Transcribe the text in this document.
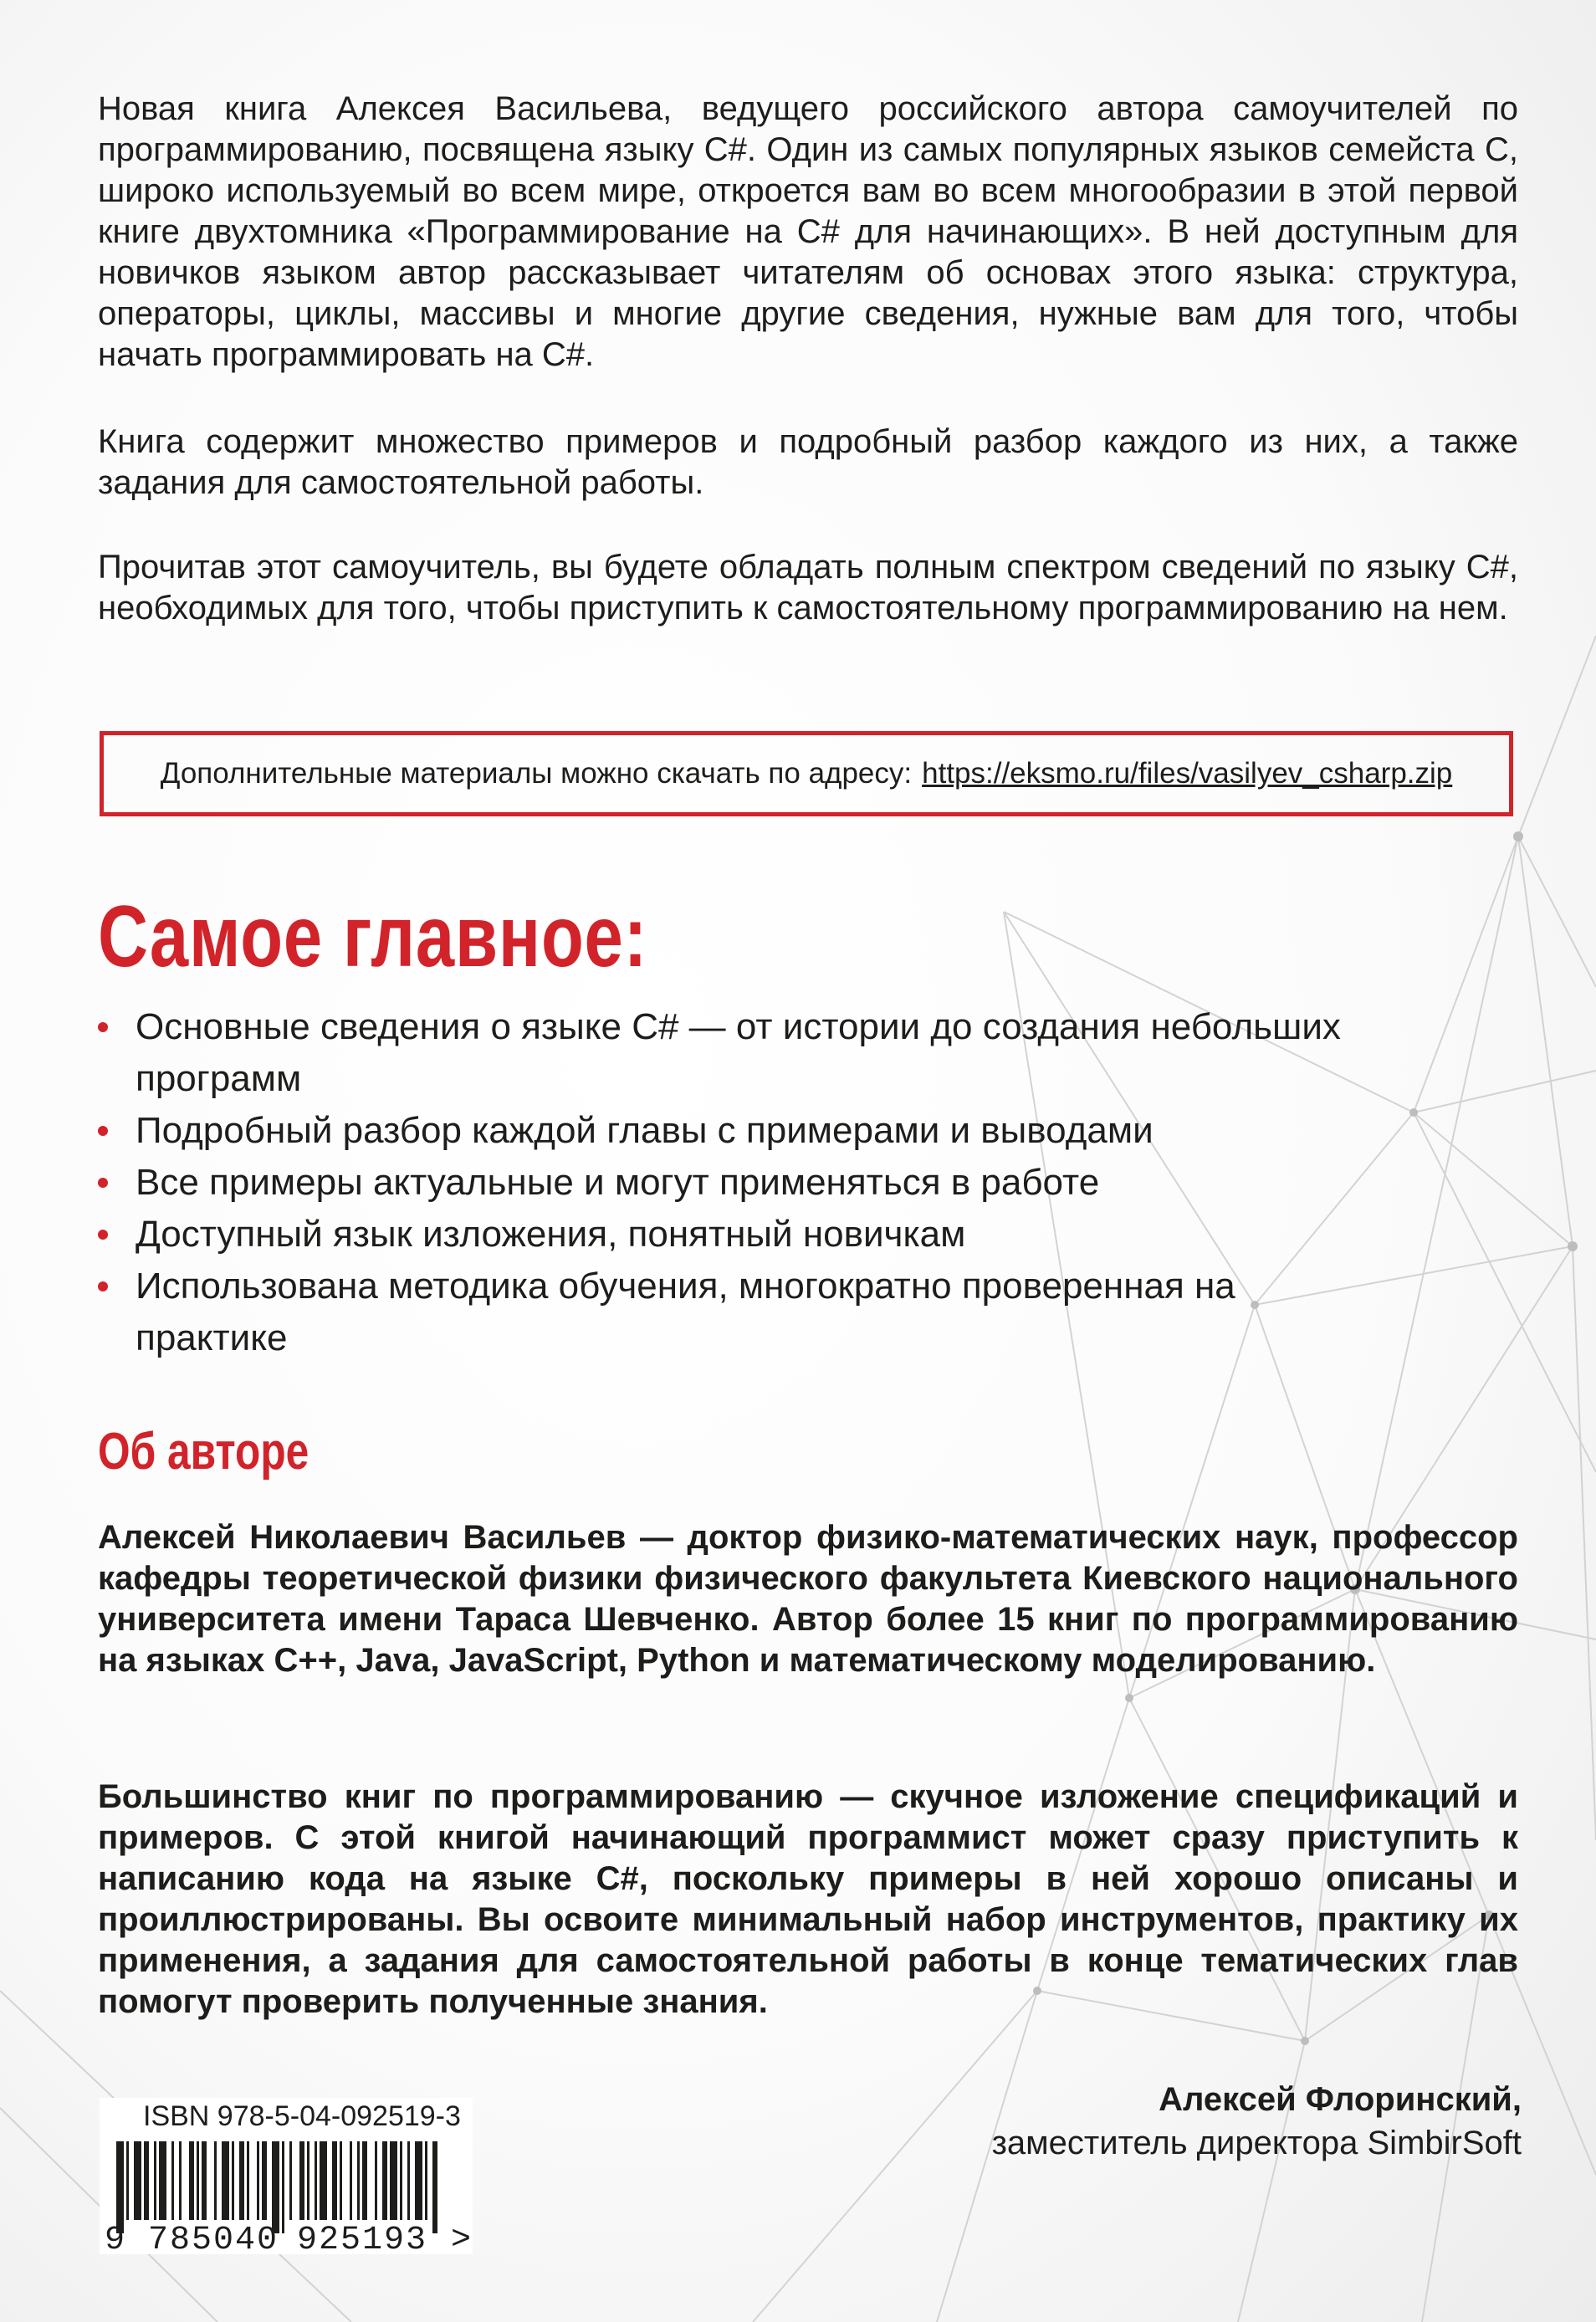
Новая книга Алексея Васильева, ведущего российского автора самоучителей по программированию, посвящена языку C#. Один из самых популярных языков семейста C, широко используемый во всем мире, откроется вам во всем многообразии в этой первой книге двухтомника «Программирование на C# для начинающих». В ней доступным для новичков языком автор рассказывает читателям об основах этого языка: структура, операторы, циклы, массивы и многие другие сведения, нужные вам для того, чтобы начать программировать на C#.

Книга содержит множество примеров и подробный разбор каждого из них, а также задания для самостоятельной работы.

Прочитав этот самоучитель, вы будете обладать полным спектром сведений по языку C#, необходимых для того, чтобы приступить к самостоятельному программированию на нем.

Дополнительные материалы можно скачать по адресу: https://eksmo.ru/files/vasilyev_csharp.zip
Самое главное:
Основные сведения о языке C# — от истории до создания небольших программ
Подробный разбор каждой главы с примерами и выводами
Все примеры актуальные и могут применяться в работе
Доступный язык изложения, понятный новичкам
Использована методика обучения, многократно проверенная на практике
Об авторе

Алексей Николаевич Васильев — доктор физико-математических наук, профессор кафедры теоретической физики физического факультета Киевского национального университета имени Тараса Шевченко. Автор более 15 книг по программированию на языках C++, Java, JavaScript, Python и математическому моделированию.

Большинство книг по программированию — скучное изложение спецификаций и примеров. С этой книгой начинающий программист может сразу приступить к написанию кода на языке C#, поскольку примеры в ней хорошо описаны и проиллюстрированы. Вы освоите минимальный набор инструментов, практику их применения, а задания для самостоятельной работы в конце тематических глав помогут проверить полученные знания.

Алексей Флоринский,
заместитель директора SimbirSoft
9 785040 925193 >
ISBN 978-5-04-092519-3
